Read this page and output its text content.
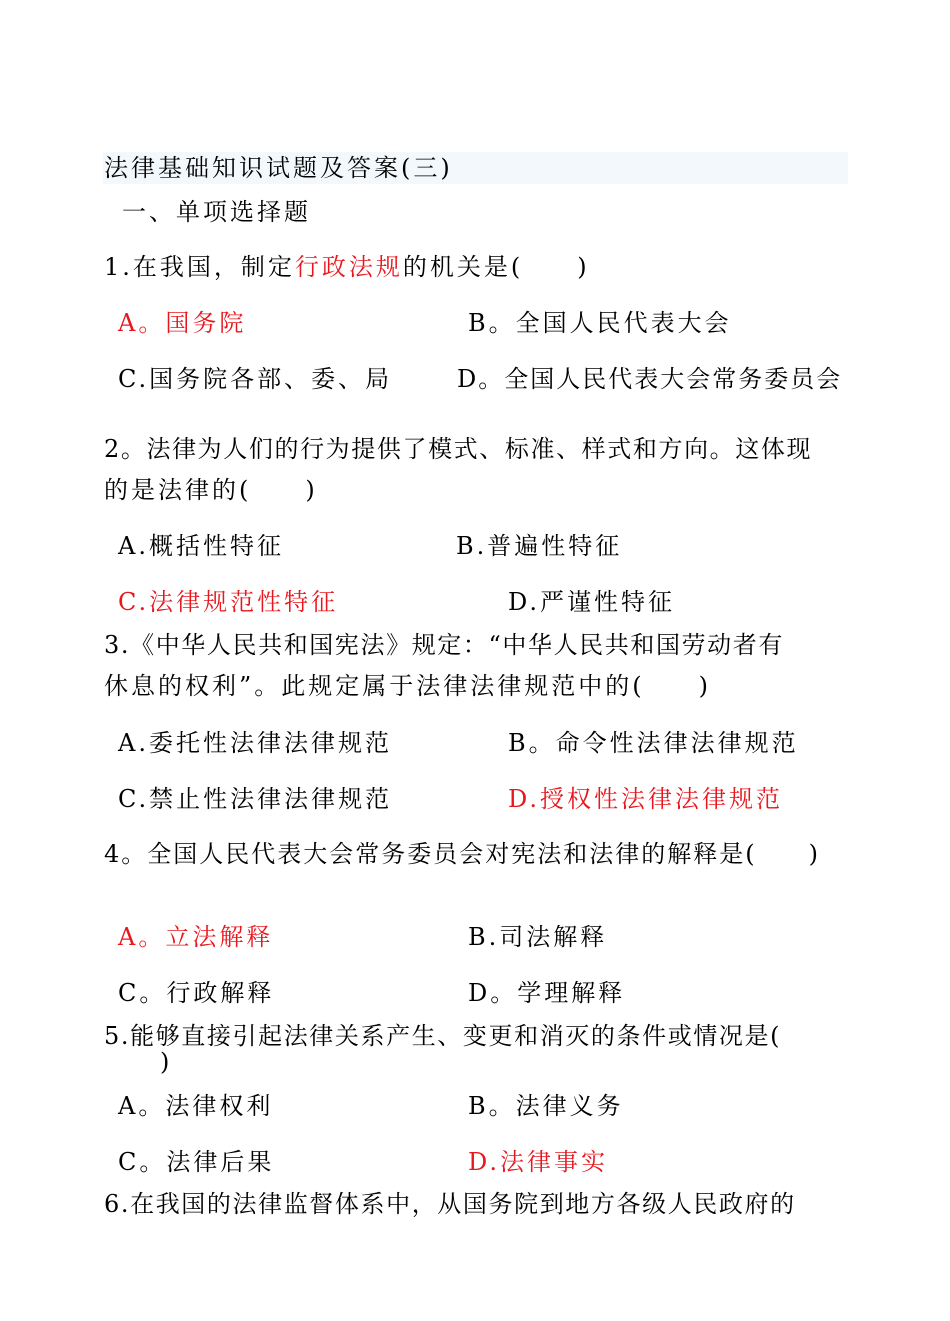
法律基础知识试题及答案(三)
一、单项选择题
1.在我国，制定行政法规的机关是(　　)
A。国务院	B。全国人民代表大会
C.国务院各部、委、局	D。全国人民代表大会常务委员会
2。法律为人们的行为提供了模式、标准、样式和方向。这体现
的是法律的(　　)
A.概括性特征	B.普遍性特征
C.法律规范性特征	D.严谨性特征
3.《中华人民共和国宪法》规定：“中华人民共和国劳动者有
休息的权利”。此规定属于法律法律规范中的(　　)
A.委托性法律法律规范	B。命令性法律法律规范
C.禁止性法律法律规范	D.授权性法律法律规范
4。全国人民代表大会常务委员会对宪法和法律的解释是(　　)
A。立法解释	B.司法解释
C。行政解释	D。学理解释
5.能够直接引起法律关系产生、变更和消灭的条件或情况是(
)
A。法律权利	B。法律义务
C。法律后果	D.法律事实
6.在我国的法律监督体系中，从国务院到地方各级人民政府的
